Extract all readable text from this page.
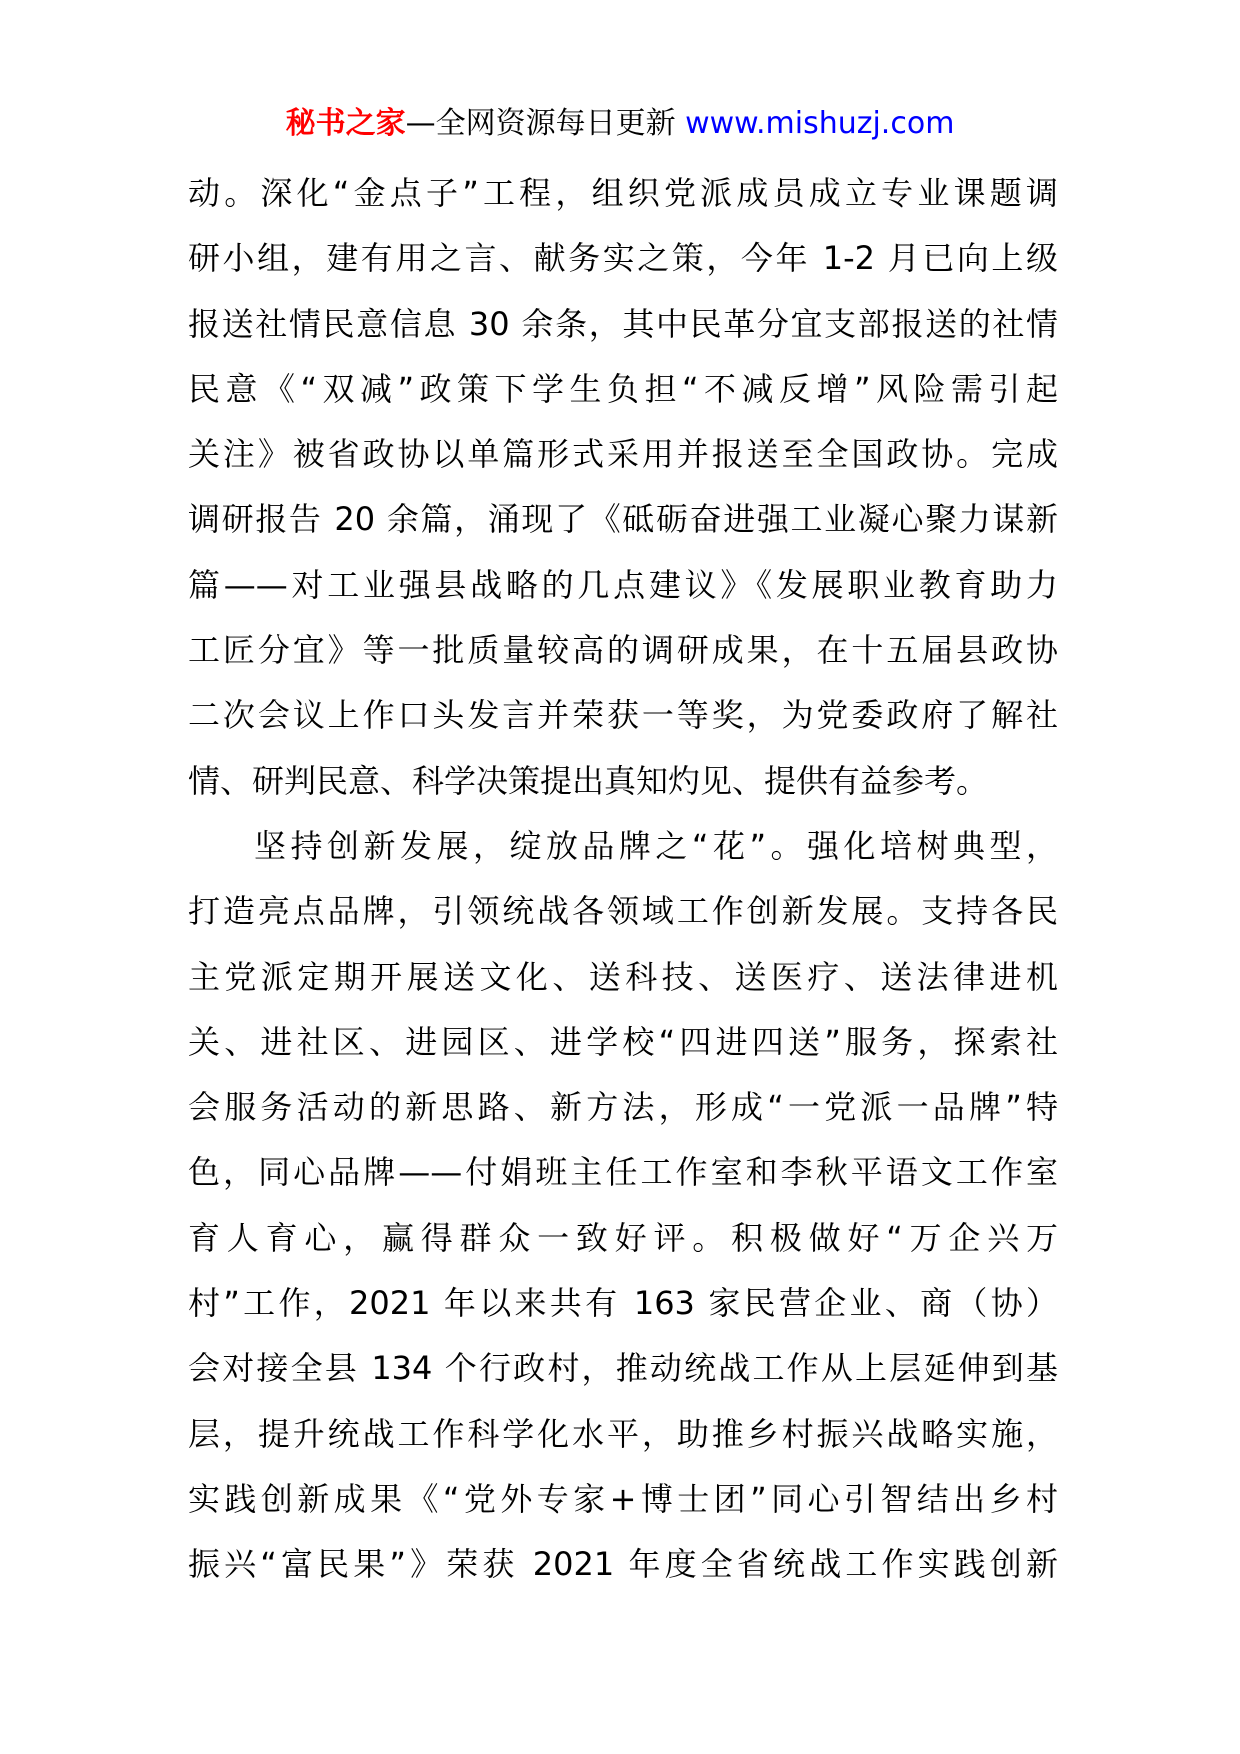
秘书之家—全网资源每日更新 www.mishuzj.com
动。深化“金点子”工程，组织党派成员成立专业课题调
研小组，建有用之言、献务实之策，今年 1-2 月已向上级
报送社情民意信息 30 余条，其中民革分宜支部报送的社情
民意《“双减”政策下学生负担“不减反增”风险需引起
关注》被省政协以单篇形式采用并报送至全国政协。完成
调研报告 20 余篇，涌现了《砥砺奋进强工业凝心聚力谋新
篇——对工业强县战略的几点建议》《发展职业教育助力
工匠分宜》等一批质量较高的调研成果，在十五届县政协
二次会议上作口头发言并荣获一等奖，为党委政府了解社
情、研判民意、科学决策提出真知灼见、提供有益参考。
坚持创新发展，绽放品牌之“花”。强化培树典型，
打造亮点品牌，引领统战各领域工作创新发展。支持各民
主党派定期开展送文化、送科技、送医疗、送法律进机
关、进社区、进园区、进学校“四进四送”服务，探索社
会服务活动的新思路、新方法，形成“一党派一品牌”特
色，同心品牌——付娟班主任工作室和李秋平语文工作室
育人育心，赢得群众一致好评。积极做好“万企兴万
村”工作，2021 年以来共有 163 家民营企业、商（协）
会对接全县 134 个行政村，推动统战工作从上层延伸到基
层，提升统战工作科学化水平，助推乡村振兴战略实施，
实践创新成果《“党外专家+博士团”同心引智结出乡村
振兴“富民果”》荣获 2021 年度全省统战工作实践创新
